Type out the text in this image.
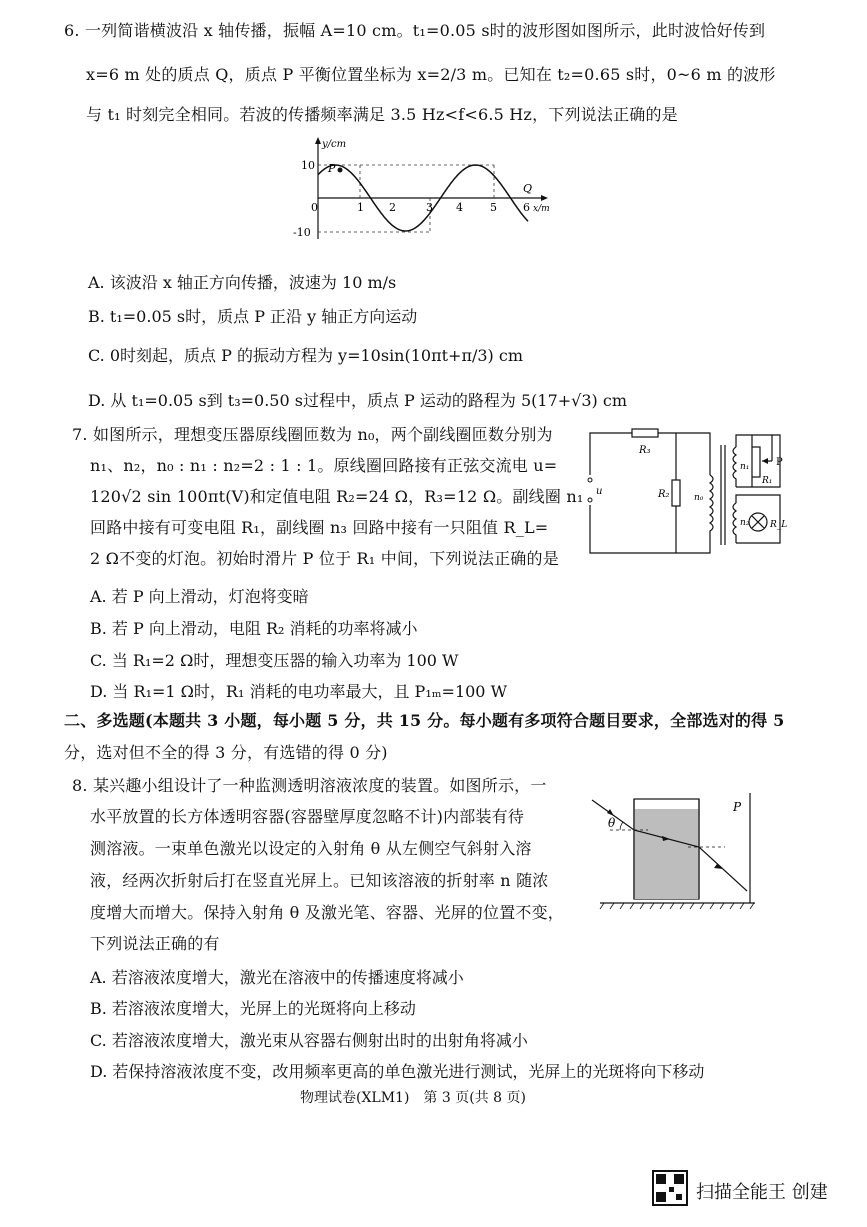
6. 一列简谐横波沿 x 轴传播，振幅 A=10 cm。t₁=0.05 s时的波形图如图所示，此时波恰好传到
x=6 m 处的质点 Q，质点 P 平衡位置坐标为 x=2/3 m。已知在 t₂=0.65 s时，0~6 m 的波形
与 t₁ 时刻完全相同。若波的传播频率满足 3.5 Hz<f<6.5 Hz，下列说法正确的是
y/cm
10
-10
0	1 2	3 4 5 6 x/m
P
Q
A. 该波沿 x 轴正方向传播，波速为 10 m/s
B. t₁=0.05 s时，质点 P 正沿 y 轴正方向运动
C. 0时刻起，质点 P 的振动方程为 y=10sin(10πt+π/3) cm
D. 从 t₁=0.05 s到 t₃=0.50 s过程中，质点 P 运动的路程为 5(17+√3) cm
7. 如图所示，理想变压器原线圈匝数为 n₀，两个副线圈匝数分别为
n₁、n₂，n₀ : n₁ : n₂=2 : 1 : 1。原线圈回路接有正弦交流电 u=
120√2 sin 100πt(V)和定值电阻 R₂=24 Ω，R₃=12 Ω。副线圈 n₁
回路中接有可变电阻 R₁，副线圈 n₃ 回路中接有一只阻值 R_L=
2 Ω不变的灯泡。初始时滑片 P 位于 R₁ 中间，下列说法正确的是
u
R₃
R₂	n₀
n₁
n₂
R₁
P
R_L
A. 若 P 向上滑动，灯泡将变暗
B. 若 P 向上滑动，电阻 R₂ 消耗的功率将减小
C. 当 R₁=2 Ω时，理想变压器的输入功率为 100 W
D. 当 R₁=1 Ω时，R₁ 消耗的电功率最大，且 P₁ₘ=100 W
二、多选题(本题共 3 小题，每小题 5 分，共 15 分。每小题有多项符合题目要求，全部选对的得 5
分，选对但不全的得 3 分，有选错的得 0 分)
8. 某兴趣小组设计了一种监测透明溶液浓度的装置。如图所示，一
水平放置的长方体透明容器(容器壁厚度忽略不计)内部装有待
测溶液。一束单色激光以设定的入射角 θ 从左侧空气斜射入溶
液，经两次折射后打在竖直光屏上。已知该溶液的折射率 n 随浓
度增大而增大。保持入射角 θ 及激光笔、容器、光屏的位置不变，
下列说法正确的有
θ
P
A. 若溶液浓度增大，激光在溶液中的传播速度将减小
B. 若溶液浓度增大，光屏上的光斑将向上移动
C. 若溶液浓度增大，激光束从容器右侧射出时的出射角将减小
D. 若保持溶液浓度不变，改用频率更高的单色激光进行测试，光屏上的光斑将向下移动
物理试卷(XLM1)　第 3 页(共 8 页)
扫描全能王 创建
